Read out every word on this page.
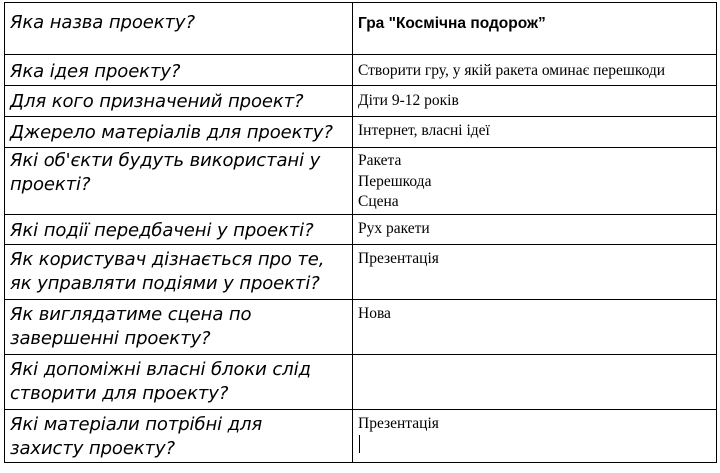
Яка назва проекту?	Гра "Космічна подорож”

Яка ідея проекту?	Створити гру, у якій ракета оминає перешкоди

Для кого призначений проект?	Діти 9-12 років

Джерело матеріалів для проекту?	Інтернет, власні ідеї

Які об'єкти будуть використані у
проекті?	Ракета
Перешкода
Сцена

Які події передбачені у проекті?	Рух ракети

Як користувач дізнається про те,
як управляти подіями у проекті?	Презентація

Як виглядатиме сцена по
завершенні проекту?	Нова

Які допоміжні власні блоки слід
створити для проекту?	

Які матеріали потрібні для
захисту проекту?	Презентація
